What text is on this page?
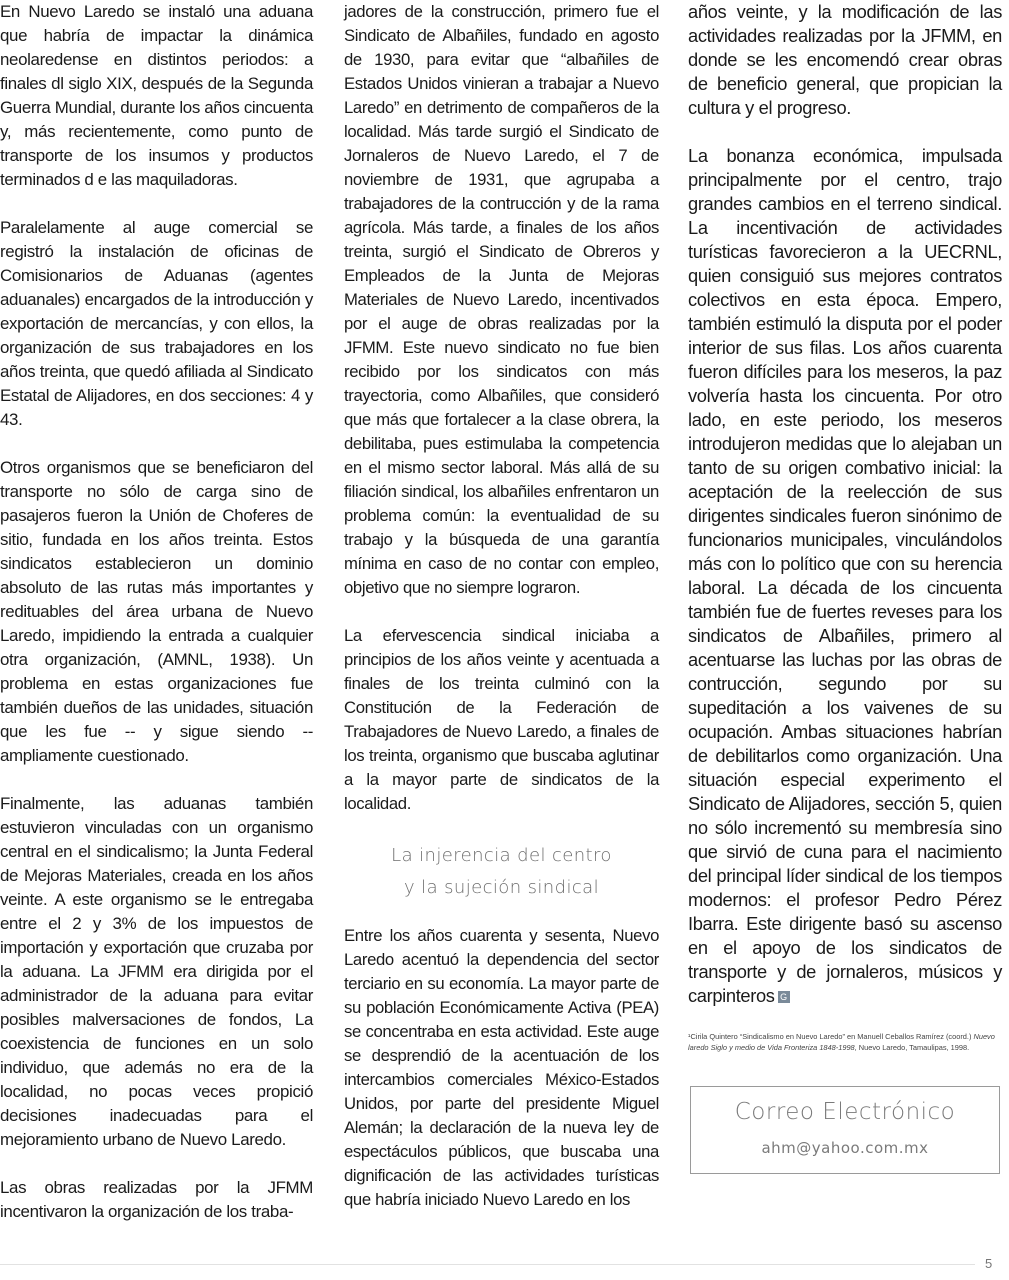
En Nuevo Laredo se instaló una aduana que habría de impactar la dinámica neolaredense en distintos periodos: a finales dl siglo XIX, después de la Segunda Guerra Mundial, durante los años cincuenta y, más recientemente, como punto de transporte de los insumos y productos terminados d e las maquiladoras.

Paralelamente al auge comercial se registró la instalación de oficinas de Comisionarios de Aduanas (agentes aduanales) encargados de la introducción y exportación de mercancías, y con ellos, la organización de sus trabajadores en los años treinta, que quedó afiliada al Sindicato Estatal de Alijadores, en dos secciones: 4 y 43.

Otros organismos que se beneficiaron del transporte no sólo de carga sino de pasajeros fueron la Unión de Choferes de sitio, fundada en los años treinta. Estos sindicatos establecieron un dominio absoluto de las rutas más importantes y redituables del área urbana de Nuevo Laredo, impidiendo la entrada a cualquier otra organización, (AMNL, 1938). Un problema en estas organizaciones fue también dueños de las unidades, situación que les fue -- y sigue siendo -- ampliamente cuestionado.

Finalmente, las aduanas también estuvieron vinculadas con un organismo central en el sindicalismo; la Junta Federal de Mejoras Materiales, creada en los años veinte. A este organismo se le entregaba entre el 2 y 3% de los impuestos de importación y exportación que cruzaba por la aduana. La JFMM era dirigida por el administrador de la aduana para evitar posibles malversaciones de fondos, La coexistencia de funciones en un solo individuo, que además no era de la localidad, no pocas veces propició decisiones inadecuadas para el mejoramiento urbano de Nuevo Laredo.

Las obras realizadas por la JFMM incentivaron la organización de los traba-

jadores de la construcción, primero fue el Sindicato de Albañiles, fundado en agosto de 1930, para evitar que “albañiles de Estados Unidos vinieran a trabajar a Nuevo Laredo” en detrimento de compañeros de la localidad. Más tarde surgió el Sindicato de Jornaleros de Nuevo Laredo, el 7 de noviembre de 1931, que agrupaba a trabajadores de la contrucción y de la rama agrícola. Más tarde, a finales de los años treinta, surgió el Sindicato de Obreros y Empleados de la Junta de Mejoras Materiales de Nuevo Laredo, incentivados por el auge de obras realizadas por la JFMM. Este nuevo sindicato no fue bien recibido por los sindicatos con más trayectoria, como Albañiles, que consideró que más que fortalecer a la clase obrera, la debilitaba, pues estimulaba la competencia en el mismo sector laboral. Más allá de su filiación sindical, los albañiles enfrentaron un problema común: la eventualidad de su trabajo y la búsqueda de una garantía mínima en caso de no contar con empleo, objetivo que no siempre lograron.

La efervescencia sindical iniciaba a principios de los años veinte y acentuada a finales de los treinta culminó con la Constitución de la Federación de Trabajadores de Nuevo Laredo, a finales de los treinta, organismo que buscaba aglutinar a la mayor parte de sindicatos de la localidad.

La injerencia del centro
y la sujeción sindical

Entre los años cuarenta y sesenta, Nuevo Laredo acentuó la dependencia del sector terciario en su economía. La mayor parte de su población Económicamente Activa (PEA) se concentraba en esta actividad. Este auge se desprendió de la acentuación de los intercambios comerciales México-Estados Unidos, por parte del presidente Miguel Alemán; la declaración de la nueva ley de espectáculos públicos, que buscaba una dignificación de las actividades turísticas que habría iniciado Nuevo Laredo en los

años veinte, y la modificación de las actividades realizadas por la JFMM, en donde se les encomendó crear obras de beneficio general, que propician la cultura y el progreso.

La bonanza económica, impulsada principalmente por el centro, trajo grandes cambios en el terreno sindical. La incentivación de actividades turísticas favorecieron a la UECRNL, quien consiguió sus mejores contratos colectivos en esta época. Empero, también estimuló la disputa por el poder interior de sus filas. Los años cuarenta fueron difíciles para los meseros, la paz volvería hasta los cincuenta. Por otro lado, en este periodo, los meseros introdujeron medidas que lo alejaban un tanto de su origen combativo inicial: la aceptación de la reelección de sus dirigentes sindicales fueron sinónimo de funcionarios municipales, vinculándolos más con lo político que con su herencia laboral. La década de los cincuenta también fue de fuertes reveses para los sindicatos de Albañiles, primero al acentuarse las luchas por las obras de contrucción, segundo por su supeditación a los vaivenes de su ocupación. Ambas situaciones habrían de debilitarlos como organización. Una situación especial experimento el Sindicato de Alijadores, sección 5, quien no sólo incrementó su membresía sino que sirvió de cuna para el nacimiento del principal líder sindical de los tiempos modernos: el profesor Pedro Pérez Ibarra. Este dirigente basó su ascenso en el apoyo de los sindicatos de transporte y de jornaleros, músicos y carpinteros G

¹Cirila Quintero “Sindicalismo en Nuevo Laredo” en Manuell Ceballos Ramírez (coord.) Nuevo laredo Siglo y medio de Vida Fronteriza 1848-1998, Nuevo Laredo, Tamaulipas, 1998.

Correo Electrónico
ahm@yahoo.com.mx
5
